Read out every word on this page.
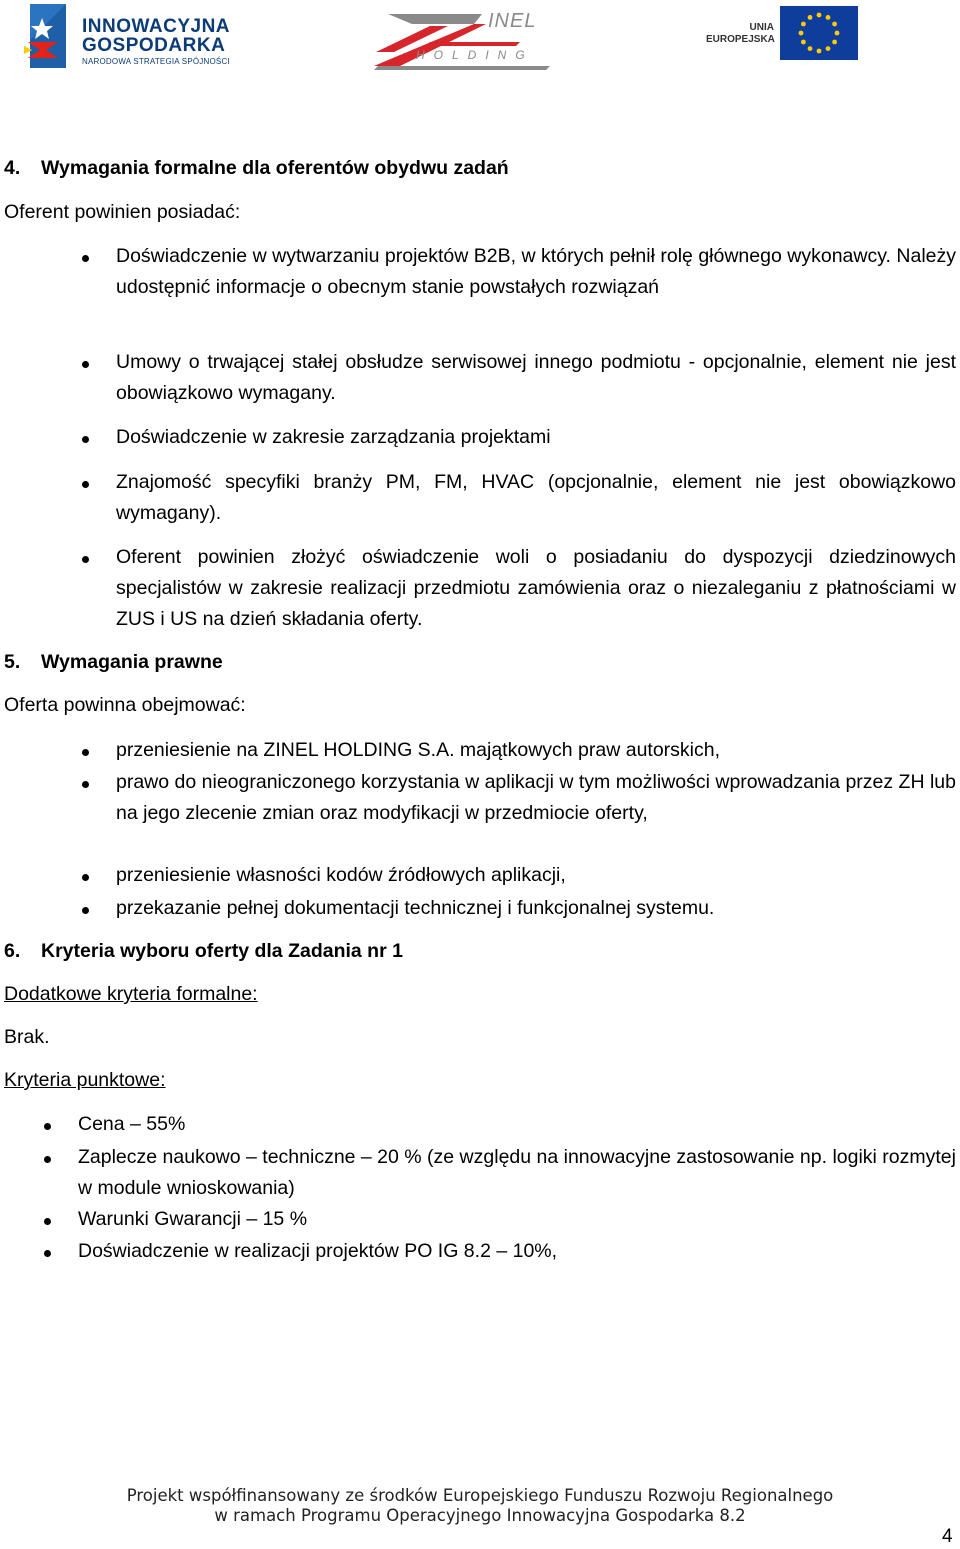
INNOWACYJNA
GOSPODARKA
NARODOWA STRATEGIA SPÓJNOŚCI
INEL
HOLDING
UNIA
EUROPEJSKA
4. Wymagania formalne dla oferentów obydwu zadań
Oferent powinien posiadać:
Doświadczenie w wytwarzaniu projektów B2B, w których pełnił rolę głównego wykonawcy. Należy udostępnić informacje o obecnym stanie powstałych rozwiązań
Umowy o trwającej stałej obsłudze serwisowej innego podmiotu - opcjonalnie, element nie jest obowiązkowo wymagany.
Doświadczenie w zakresie zarządzania projektami
Znajomość specyfiki branży PM, FM, HVAC (opcjonalnie, element nie jest obowiązkowo wymagany).
Oferent powinien złożyć oświadczenie woli o posiadaniu do dyspozycji dziedzinowych specjalistów w zakresie realizacji przedmiotu zamówienia oraz o niezaleganiu z płatnościami w ZUS i US na dzień składania oferty.
5. Wymagania prawne
Oferta powinna obejmować:
przeniesienie na ZINEL HOLDING S.A. majątkowych praw autorskich,
prawo do nieograniczonego korzystania w aplikacji w tym możliwości wprowadzania przez ZH lub na jego zlecenie zmian oraz modyfikacji w przedmiocie oferty,
przeniesienie własności kodów źródłowych aplikacji,
przekazanie pełnej dokumentacji technicznej i funkcjonalnej systemu.
6. Kryteria wyboru oferty dla Zadania nr 1
Dodatkowe kryteria formalne:
Brak.
Kryteria punktowe:
Cena – 55%
Zaplecze naukowo – techniczne – 20 % (ze względu na innowacyjne zastosowanie np. logiki rozmytej w module wnioskowania)
Warunki Gwarancji – 15 %
Doświadczenie w realizacji projektów PO IG 8.2 – 10%,
Projekt współfinansowany ze środków Europejskiego Funduszu Rozwoju Regionalnego
w ramach Programu Operacyjnego Innowacyjna Gospodarka 8.2
4
